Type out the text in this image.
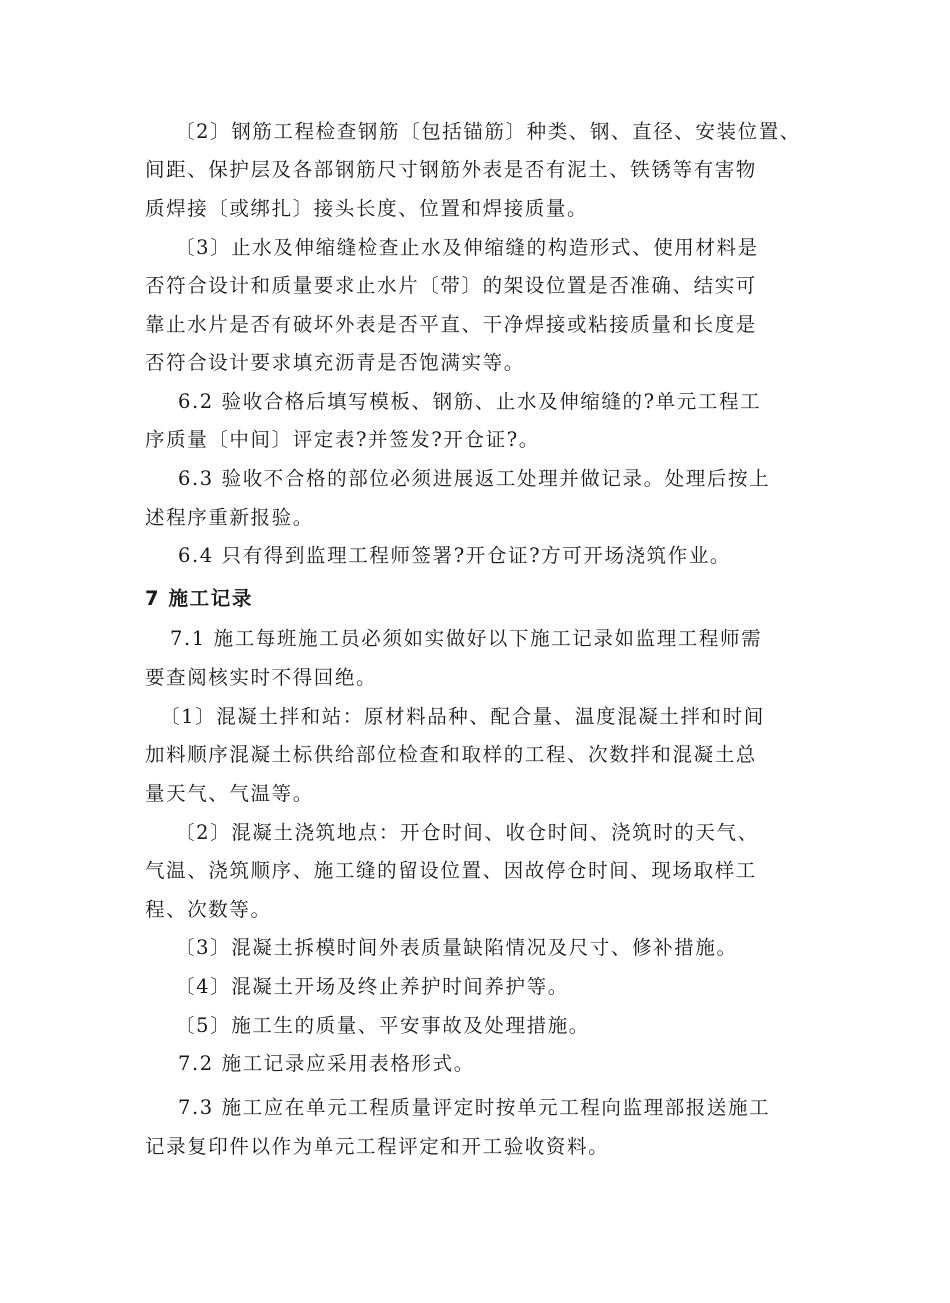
〔2〕钢筋工程检查钢筋〔包括锚筋〕种类、钢、直径、安装位置、
间距、保护层及各部钢筋尺寸钢筋外表是否有泥土、铁锈等有害物
质焊接〔或绑扎〕接头长度、位置和焊接质量。
〔3〕止水及伸缩缝检查止水及伸缩缝的构造形式、使用材料是
否符合设计和质量要求止水片〔带〕的架设位置是否准确、结实可
靠止水片是否有破坏外表是否平直、干净焊接或粘接质量和长度是
否符合设计要求填充沥青是否饱满实等。
6.2 验收合格后填写模板、钢筋、止水及伸缩缝的?单元工程工
序质量〔中间〕评定表?并签发?开仓证?。
6.3 验收不合格的部位必须进展返工处理并做记录。处理后按上
述程序重新报验。
6.4 只有得到监理工程师签署?开仓证?方可开场浇筑作业。
7 施工记录
7.1 施工每班施工员必须如实做好以下施工记录如监理工程师需
要查阅核实时不得回绝。
〔1〕混凝土拌和站：原材料品种、配合量、温度混凝土拌和时间
加料顺序混凝土标供给部位检查和取样的工程、次数拌和混凝土总
量天气、气温等。
〔2〕混凝土浇筑地点：开仓时间、收仓时间、浇筑时的天气、
气温、浇筑顺序、施工缝的留设位置、因故停仓时间、现场取样工
程、次数等。
〔3〕混凝土拆模时间外表质量缺陷情况及尺寸、修补措施。
〔4〕混凝土开场及终止养护时间养护等。
〔5〕施工生的质量、平安事故及处理措施。
7.2 施工记录应采用表格形式。
7.3 施工应在单元工程质量评定时按单元工程向监理部报送施工
记录复印件以作为单元工程评定和开工验收资料。
